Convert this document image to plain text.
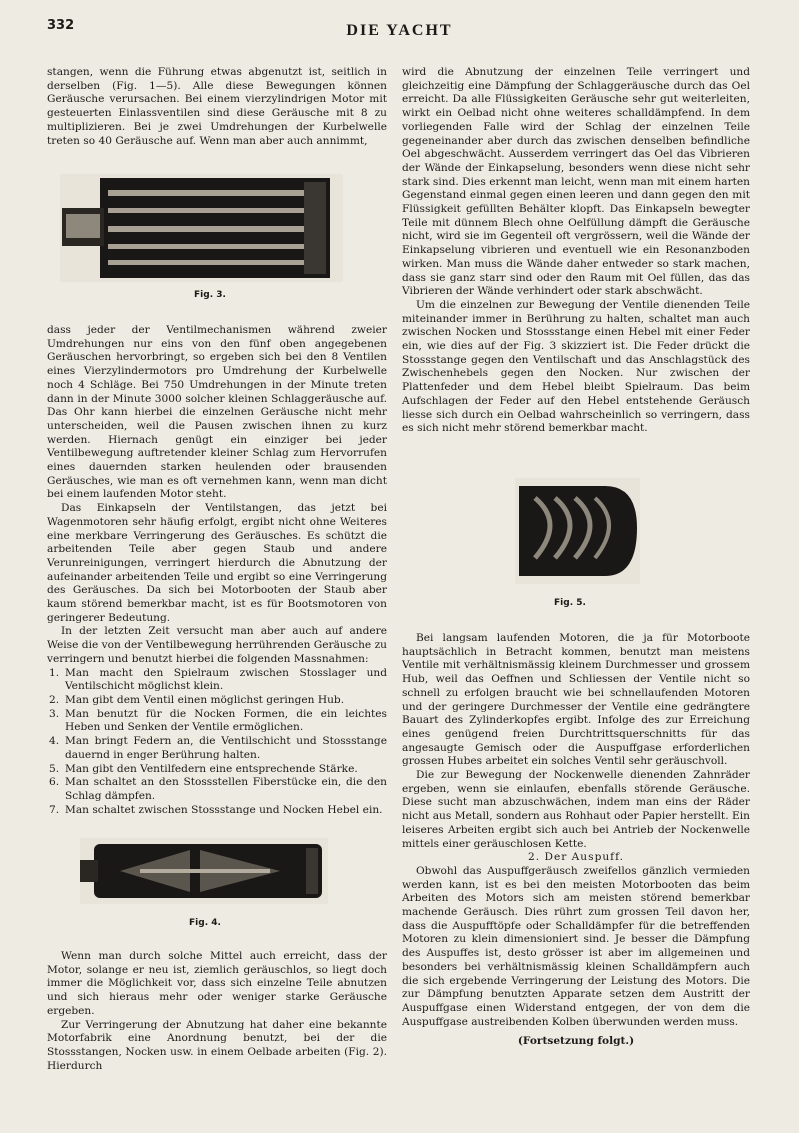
332	DIE YACHT

stangen, wenn die Führung etwas abgenutzt ist, seitlich in derselben (Fig. 1—5). Alle diese Bewegungen können Geräusche verursachen. Bei einem vierzylindrigen Motor mit gesteuerten Einlassventilen sind diese Geräusche mit 8 zu multiplizieren. Bei je zwei Umdrehungen der Kurbelwelle treten so 40 Geräusche auf. Wenn man aber auch annimmt,

Fig. 3.

dass jeder der Ventilmechanismen während zweier Umdrehungen nur eins von den fünf oben angegebenen Geräuschen hervorbringt, so ergeben sich bei den 8 Ventilen eines Vierzylindermotors pro Umdrehung der Kurbelwelle noch 4 Schläge. Bei 750 Umdrehungen in der Minute treten dann in der Minute 3000 solcher kleinen Schlaggeräusche auf. Das Ohr kann hierbei die einzelnen Geräusche nicht mehr unterscheiden, weil die Pausen zwischen ihnen zu kurz werden. Hiernach genügt ein einziger bei jeder Ventilbewegung auftretender kleiner Schlag zum Hervorrufen eines dauernden starken heulenden oder brausenden Geräusches, wie man es oft vernehmen kann, wenn man dicht bei einem laufenden Motor steht.

Das Einkapseln der Ventilstangen, das jetzt bei Wagenmotoren sehr häufig erfolgt, ergibt nicht ohne Weiteres eine merkbare Verringerung des Geräusches. Es schützt die arbeitenden Teile aber gegen Staub und andere Verunreinigungen, verringert hierdurch die Abnutzung der aufeinander arbeitenden Teile und ergibt so eine Verringerung des Geräusches. Da sich bei Motorbooten der Staub aber kaum störend bemerkbar macht, ist es für Bootsmotoren von geringerer Bedeutung.

In der letzten Zeit versucht man aber auch auf andere Weise die von der Ventilbewegung herrührenden Geräusche zu verringern und benutzt hierbei die folgenden Massnahmen:

1. Man macht den Spielraum zwischen Stosslager und Ventilschicht möglichst klein.
2. Man gibt dem Ventil einen möglichst geringen Hub.
3. Man benutzt für die Nocken Formen, die ein leichtes Heben und Senken der Ventile ermöglichen.
4. Man bringt Federn an, die Ventilschicht und Stossstange dauernd in enger Berührung halten.
5. Man gibt den Ventilfedern eine entsprechende Stärke.
6. Man schaltet an den Stossstellen Fiberstücke ein, die den Schlag dämpfen.
7. Man schaltet zwischen Stossstange und Nocken Hebel ein.
Fig. 4.

Wenn man durch solche Mittel auch erreicht, dass der Motor, solange er neu ist, ziemlich geräuschlos, so liegt doch immer die Möglichkeit vor, dass sich einzelne Teile abnutzen und sich hieraus mehr oder weniger starke Geräusche ergeben.

Zur Verringerung der Abnutzung hat daher eine bekannte Motorfabrik eine Anordnung benutzt, bei der die Stossstangen, Nocken usw. in einem Oelbade arbeiten (Fig. 2). Hierdurch

wird die Abnutzung der einzelnen Teile verringert und gleichzeitig eine Dämpfung der Schlaggeräusche durch das Oel erreicht. Da alle Flüssigkeiten Geräusche sehr gut weiterleiten, wirkt ein Oelbad nicht ohne weiteres schalldämpfend. In dem vorliegenden Falle wird der Schlag der einzelnen Teile gegeneinander aber durch das zwischen denselben befindliche Oel abgeschwächt. Ausserdem verringert das Oel das Vibrieren der Wände der Einkapselung, besonders wenn diese nicht sehr stark sind. Dies erkennt man leicht, wenn man mit einem harten Gegenstand einmal gegen einen leeren und dann gegen den mit Flüssigkeit gefüllten Behälter klopft. Das Einkapseln bewegter Teile mit dünnem Blech ohne Oelfüllung dämpft die Geräusche nicht, wird sie im Gegenteil oft vergrössern, weil die Wände der Einkapselung vibrieren und eventuell wie ein Resonanzboden wirken. Man muss die Wände daher entweder so stark machen, dass sie ganz starr sind oder den Raum mit Oel füllen, das das Vibrieren der Wände verhindert oder stark abschwächt.

Um die einzelnen zur Bewegung der Ventile dienenden Teile miteinander immer in Berührung zu halten, schaltet man auch zwischen Nocken und Stossstange einen Hebel mit einer Feder ein, wie dies auf der Fig. 3 skizziert ist. Die Feder drückt die Stossstange gegen den Ventilschaft und das Anschlagstück des Zwischenhebels gegen den Nocken. Nur zwischen der Plattenfeder und dem Hebel bleibt Spielraum. Das beim Aufschlagen der Feder auf den Hebel entstehende Geräusch liesse sich durch ein Oelbad wahrscheinlich so verringern, dass es sich nicht mehr störend bemerkbar macht.

Fig. 5.

Bei langsam laufenden Motoren, die ja für Motorboote hauptsächlich in Betracht kommen, benutzt man meistens Ventile mit verhältnismässig kleinem Durchmesser und grossem Hub, weil das Oeffnen und Schliessen der Ventile nicht so schnell zu erfolgen braucht wie bei schnellaufenden Motoren und der geringere Durchmesser der Ventile eine gedrängtere Bauart des Zylinderkopfes ergibt. Infolge des zur Erreichung eines genügend freien Durchtrittsquerschnitts für das angesaugte Gemisch oder die Auspuffgase erforderlichen grossen Hubes arbeitet ein solches Ventil sehr geräuschvoll.

Die zur Bewegung der Nockenwelle dienenden Zahnräder ergeben, wenn sie einlaufen, ebenfalls störende Geräusche. Diese sucht man abzuschwächen, indem man eins der Räder nicht aus Metall, sondern aus Rohhaut oder Papier herstellt. Ein leiseres Arbeiten ergibt sich auch bei Antrieb der Nockenwelle mittels einer geräuschlosen Kette.

2. Der Auspuff.

Obwohl das Auspuffgeräusch zweifellos gänzlich vermieden werden kann, ist es bei den meisten Motorbooten das beim Arbeiten des Motors sich am meisten störend bemerkbar machende Geräusch. Dies rührt zum grossen Teil davon her, dass die Auspufftöpfe oder Schalldämpfer für die betreffenden Motoren zu klein dimensioniert sind. Je besser die Dämpfung des Auspuffes ist, desto grösser ist aber im allgemeinen und besonders bei verhältnismässig kleinen Schalldämpfern auch die sich ergebende Verringerung der Leistung des Motors. Die zur Dämpfung benutzten Apparate setzen dem Austritt der Auspuffgase einen Widerstand entgegen, der von dem die Auspuffgase austreibenden Kolben überwunden werden muss.

(Fortsetzung folgt.)
